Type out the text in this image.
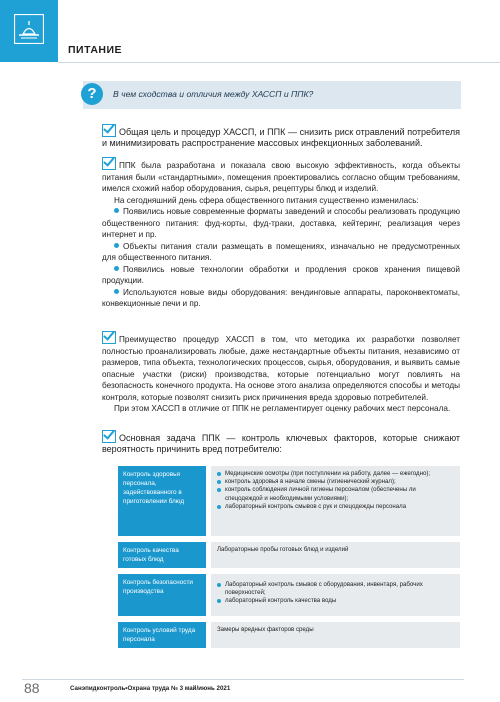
ПИТАНИЕ
?	В чем сходства и отличия между ХАССП и ППК?

Общая цель и процедур ХАССП, и ППК — снизить риск отравлений потребителя и минимизировать распространение массовых инфекционных заболеваний.

ППК была разработана и показала свою высокую эффективность, когда объекты питания были «стандартными», помещения проектировались согласно общим требованиям, имелся схожий набор оборудования, сырья, рецептуры блюд и изделий.

На сегодняшний день сфера общественного питания существенно изменилась:

Появились новые современные форматы заведений и способы реализовать продукцию общественного питания: фуд-корты, фуд-траки, доставка, кейтеринг, реализация через интернет и пр.

Объекты питания стали размещать в помещениях, изначально не предусмотренных для общественного питания.

Появились новые технологии обработки и продления сроков хранения пищевой продукции.

Используются новые виды оборудования: вендинговые аппараты, пароконвектоматы, конвекционные печи и пр.

Преимущество процедур ХАССП в том, что методика их разработки позволяет полностью проанализировать любые, даже нестандартные объекты питания, независимо от размеров, типа объекта, технологических процессов, сырья, оборудования, и выявить самые опасные участки (риски) производства, которые потенциально могут повлиять на безопасность конечного продукта. На основе этого анализа определяются способы и методы контроля, которые позволят снизить риск причинения вреда здоровью потребителей.

При этом ХАССП в отличие от ППК не регламентирует оценку рабочих мест персонала.

Основная задача ППК — контроль ключевых факторов, которые снижают вероятность причинить вред потребителю:

Контроль здоровья персонала, задействованного в приготовлении блюд
Медицинские осмотры (при поступлении на работу, далее — ежегодно);
контроль здоровья в начале смены (гигиенический журнал);
контроль соблюдения личной гигиены персоналом (обеспечены ли спецодеждой и необходимыми условиями);
лабораторный контроль смывов с рук и спецодежды персонала
Контроль качества готовых блюд
Лабораторные пробы готовых блюд и изделий
Контроль безопасности производства
Лабораторный контроль смывов с оборудования, инвентаря, рабочих поверхностей;
лабораторный контроль качества воды
Контроль условий труда персонала
Замеры вредных факторов среды
88	Санэпидконтроль•Охрана труда № 3 май/июнь 2021
